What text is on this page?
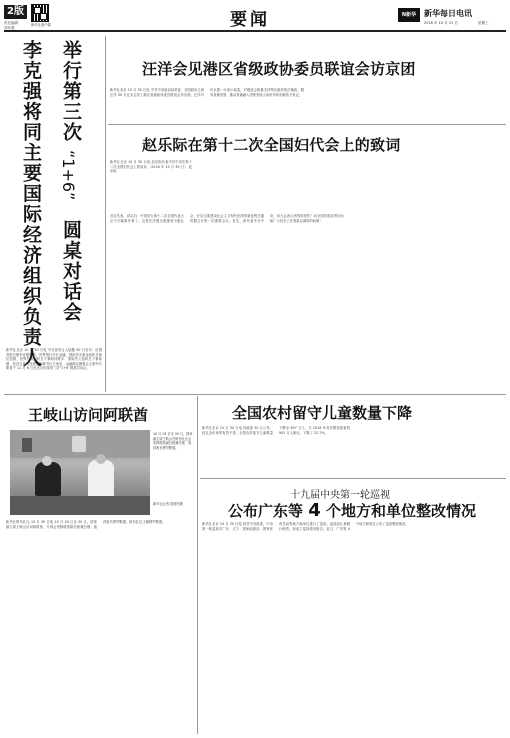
2版
责任编辑
刘东强
新华社客户端	要闻	N新华 新华每日电讯
2018 年 10 月 31 日	星期三
李克强将同主要国际经济组织负责人 举行第三次
“1+6”
圆桌对话会
新华社北京 10 月 30 日电 外交部发言人陆慷 30 日宣布：应国务院总理李克强邀请，世界银行行长金墉、国际货币基金组织总裁拉加德、世界贸易组织总干事阿泽维多、国际劳工组织总干事莱德、经济合作与发展组织秘书长古里亚、金融稳定理事会主席夸尔斯将于 11 月 6 日在北京出席第三次“1+6”圆桌对话会。
汪洋会见港区省级政协委员联谊会访京团
新华社北京 10 月 30 日电 中共中央政治局常委、全国政协主席汪洋 30 日在京会见了港区省级政协委员联谊会访京团。汪洋对访京团一行表示欢迎，对联谊会积极支持特区政府依法施政、服务香港发展、推动香港融入国家发展大局所作的贡献给予肯定。
赵乐际在第十二次全国妇代会上的致词
新华社北京 10 月 30 日电 赵乐际代表中共中央在第十二次全国妇代会上的致词 （2018 年 10 月 30 日） 赵乐际
各位代表，同志们：中国妇女第十二次全国代表大会今天隆重开幕了。这是在决胜全面建成小康社会、开启全面建设社会主义现代化国家新征程关键时期召开的一次重要会议。首先，我代表中共中央，向大会表示热烈的祝贺！向全国各族各界妇女和广大妇女工作者致以诚挚的问候！
王岐山访问阿联酋
10 月 29 日至 30 日，国家副主席王岐山在阿布扎比会见阿联酋副总统兼总理、迪拜酋长穆罕默德。
新华社记者 饶爱民摄
新华社阿布扎比 10 月 30 日电 10 月 29 日至 30 日，国家副主席王岐山访问阿联酋，分别会见阿联酋副总统兼总理、迪拜酋长穆罕默德，阿布扎比王储穆罕默德。
全国农村留守儿童数量下降
新华社北京 10 月 30 日电 民政部 30 日公布，经过近年来的有效干预，全国农村留守儿童数量下降至 697 万人，与 2016 年首次摸底排查的 902 万人相比，下降了 22.7%。
十九届中央第一轮巡视
公布广东等 4 个地方和单位整改情况
新华社北京 10 月 30 日电 经党中央批准，中央第一轮巡视对广东、辽宁、国家能源局、国家体育总局等地方和单位进行了巡视。巡视组认真履行职责，形成了巡视情况报告。近日，广东等 4 个地方和单位公布了巡视整改情况。
